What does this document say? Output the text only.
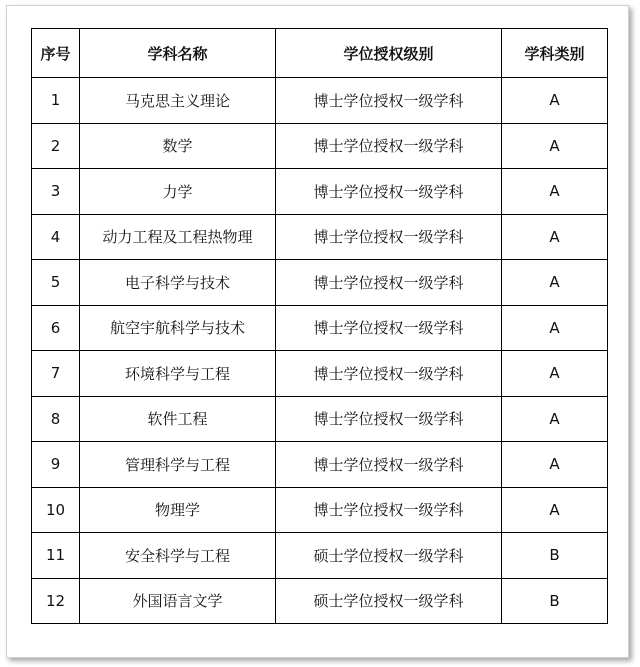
序号	学科名称	学位授权级别	学科类别
1	马克思主义理论	博士学位授权一级学科	A
2	数学	博士学位授权一级学科	A
3	力学	博士学位授权一级学科	A
4	动力工程及工程热物理	博士学位授权一级学科	A
5	电子科学与技术	博士学位授权一级学科	A
6	航空宇航科学与技术	博士学位授权一级学科	A
7	环境科学与工程	博士学位授权一级学科	A
8	软件工程	博士学位授权一级学科	A
9	管理科学与工程	博士学位授权一级学科	A
10	物理学	博士学位授权一级学科	A
11	安全科学与工程	硕士学位授权一级学科	B
12	外国语言文学	硕士学位授权一级学科	B
